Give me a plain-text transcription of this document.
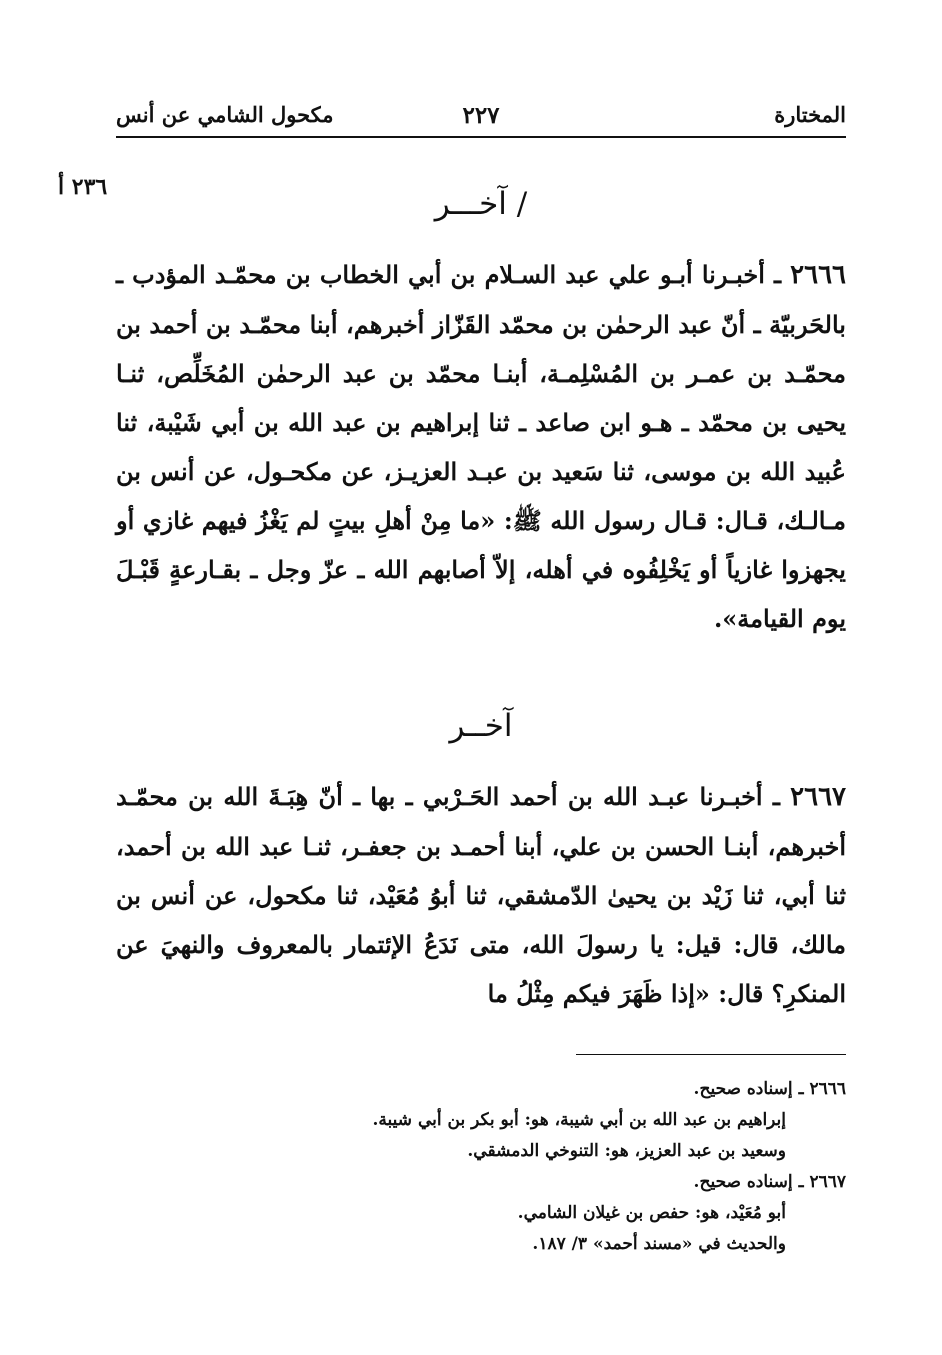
المختارة
٢٢٧
مكحول الشامي عن أنس
٢٣٦ أ	/ آخـــر
٢٦٦٦ ـ أخبـرنا أبـو علي عبد السـلام بن أبي الخطاب بن محمّـد المؤدب ـ بالحَربيّة ـ أنّ عبد الرحمٰن بن محمّد القَزّاز أخبرهم، أبنا محمّـد بن أحمد بن محمّـد بن عمـر بن المُسْلِمـة، أبنـا محمّد بن عبد الرحمٰن المُخَلِّص، ثنـا يحيى بن محمّد ـ هـو ابن صاعد ـ ثنا إبراهيم بن عبد الله بن أبي شَيْبة، ثنا عُبيد الله بن موسى، ثنا سَعيد بن عبـد العزيـز، عن مكحـول، عن أنس بن مـالـك، قـال: قـال رسول الله ﷺ: «ما مِنْ أهلِ بيتٍ لم يَغْزُ فيهم غازي أو يجهزوا غازياً أو يَخْلِفُوه في أهله، إلاّ أصابهم الله ـ عزّ وجل ـ بقـارعةٍ قَبْـلَ يوم القيامة».
آخــر
٢٦٦٧ ـ أخبـرنا عبـد الله بن أحمد الحَـرْبي ـ بها ـ أنّ هِبَـةَ الله بن محمّـد أخبرهم، أبنـا الحسن بن علي، أبنا أحمـد بن جعفـر، ثنـا عبد الله بن أحمد، ثنا أبي، ثنا زَيْد بن يحيىٰ الدّمشقي، ثنا أبوُ مُعَيْد، ثنا مكحول، عن أنس بن مالك، قال: قيل: يا رسولَ الله، متى نَدَعُ الإئتمار بالمعروف والنهيَ عن المنكرِ؟ قال: «إذا ظَهَرَ فيكم مِثْلُ ما
٢٦٦٦ ـ إسناده صحيح.
إبراهيم بن عبد الله بن أبي شيبة، هو: أبو بكر بن أبي شيبة.
وسعيد بن عبد العزيز، هو: التنوخي الدمشقي.
٢٦٦٧ ـ إسناده صحيح.
أبو مُعَيْد، هو: حفص بن غيلان الشامي.
والحديث في «مسند أحمد» ٣/ ١٨٧.
